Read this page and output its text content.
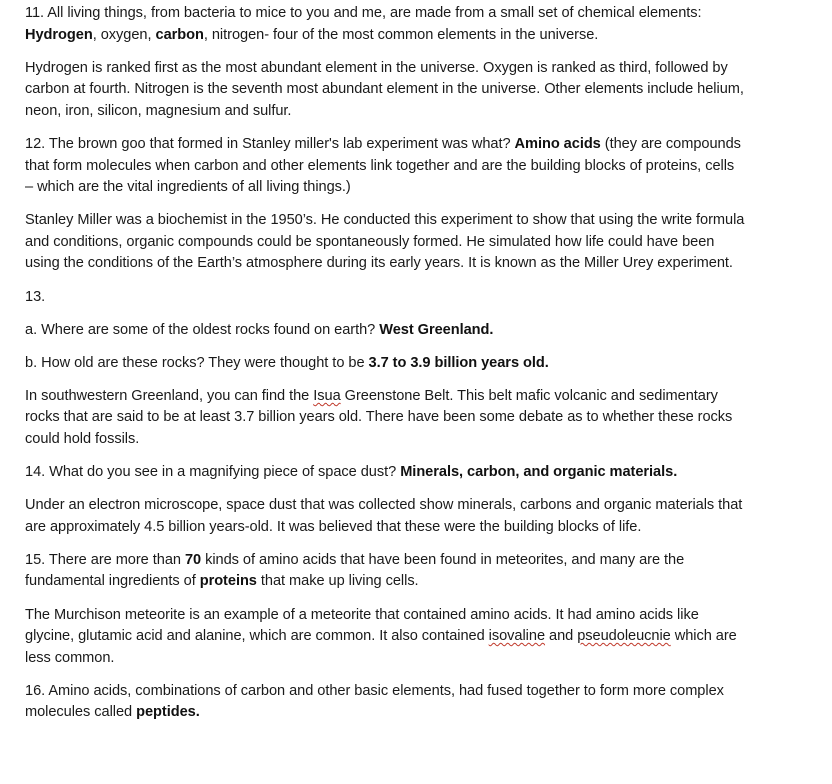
11. All living things, from bacteria to mice to you and me, are made from a small set of chemical elements: Hydrogen, oxygen, carbon, nitrogen- four of the most common elements in the universe.

Hydrogen is ranked first as the most abundant element in the universe. Oxygen is ranked as third, followed by carbon at fourth. Nitrogen is the seventh most abundant element in the universe. Other elements include helium, neon, iron, silicon, magnesium and sulfur.

12. The brown goo that formed in Stanley miller's lab experiment was what? Amino acids (they are compounds that form molecules when carbon and other elements link together and are the building blocks of proteins, cells – which are the vital ingredients of all living things.)

Stanley Miller was a biochemist in the 1950’s. He conducted this experiment to show that using the write formula and conditions, organic compounds could be spontaneously formed. He simulated how life could have been using the conditions of the Earth’s atmosphere during its early years. It is known as the Miller Urey experiment.

13.

a. Where are some of the oldest rocks found on earth? West Greenland.

b. How old are these rocks? They were thought to be 3.7 to 3.9 billion years old.

In southwestern Greenland, you can find the Isua Greenstone Belt. This belt mafic volcanic and sedimentary rocks that are said to be at least 3.7 billion years old. There have been some debate as to whether these rocks could hold fossils.

14. What do you see in a magnifying piece of space dust? Minerals, carbon, and organic materials.

Under an electron microscope, space dust that was collected show minerals, carbons and organic materials that are approximately 4.5 billion years-old. It was believed that these were the building blocks of life.

15. There are more than 70 kinds of amino acids that have been found in meteorites, and many are the fundamental ingredients of proteins that make up living cells.

The Murchison meteorite is an example of a meteorite that contained amino acids. It had amino acids like glycine, glutamic acid and alanine, which are common. It also contained isovaline and pseudoleucnie which are less common.

16. Amino acids, combinations of carbon and other basic elements, had fused together to form more complex molecules called peptides.
